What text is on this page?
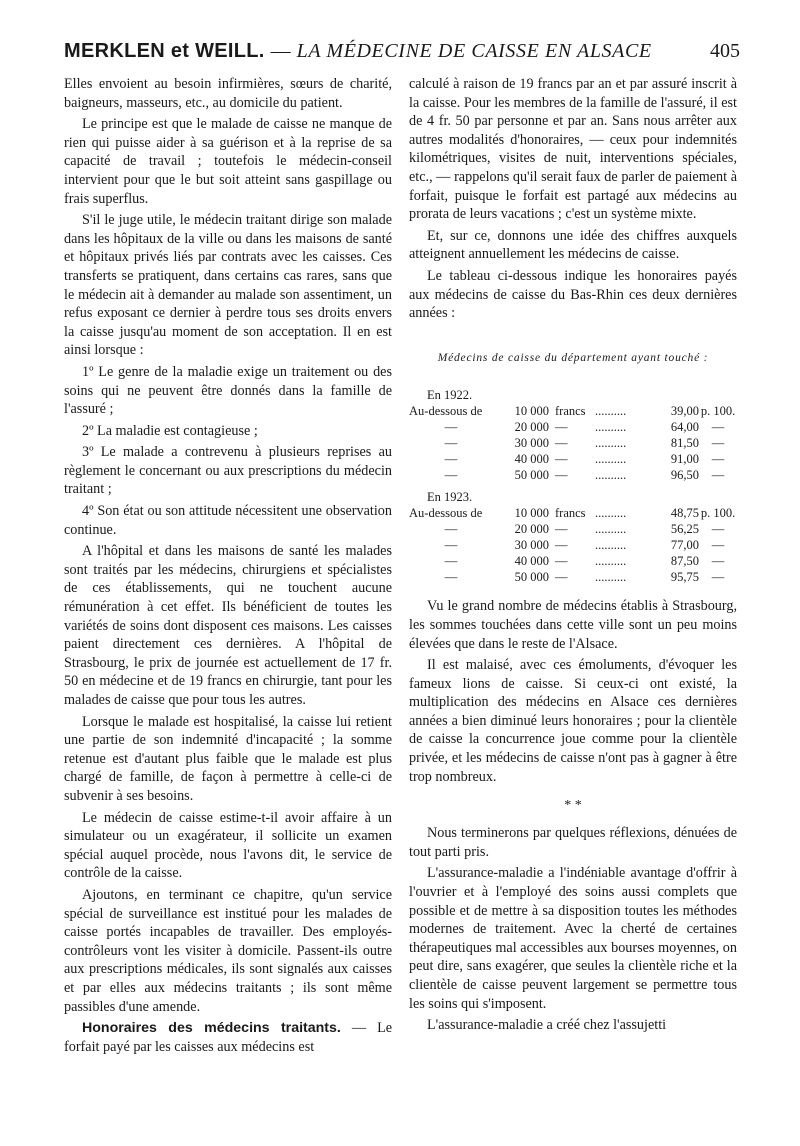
MERKLEN et WEILL. — LA MÉDECINE DE CAISSE EN ALSACE	405

Elles envoient au besoin infirmières, sœurs de charité, baigneurs, masseurs, etc., au domicile du patient.

Le principe est que le malade de caisse ne manque de rien qui puisse aider à sa guérison et à la reprise de sa capacité de travail ; toutefois le médecin-conseil intervient pour que le but soit atteint sans gaspillage ou frais superflus.

S'il le juge utile, le médecin traitant dirige son malade dans les hôpitaux de la ville ou dans les maisons de santé et hôpitaux privés liés par contrats avec les caisses. Ces transferts se pratiquent, dans certains cas rares, sans que le médecin ait à demander au malade son assentiment, un refus exposant ce dernier à perdre tous ses droits envers la caisse jusqu'au moment de son acceptation. Il en est ainsi lorsque :

1º Le genre de la maladie exige un traitement ou des soins qui ne peuvent être donnés dans la famille de l'assuré ;

2º La maladie est contagieuse ;

3º Le malade a contrevenu à plusieurs reprises au règlement le concernant ou aux prescriptions du médecin traitant ;

4º Son état ou son attitude nécessitent une observation continue.

A l'hôpital et dans les maisons de santé les malades sont traités par les médecins, chirurgiens et spécialistes de ces établissements, qui ne touchent aucune rémunération à cet effet. Ils bénéficient de toutes les variétés de soins dont disposent ces maisons. Les caisses paient directement ces dernières. A l'hôpital de Strasbourg, le prix de journée est actuellement de 17 fr. 50 en médecine et de 19 francs en chirurgie, tant pour les malades de caisse que pour tous les autres.

Lorsque le malade est hospitalisé, la caisse lui retient une partie de son indemnité d'incapacité ; la somme retenue est d'autant plus faible que le malade est plus chargé de famille, de façon à permettre à celle-ci de subvenir à ses besoins.

Le médecin de caisse estime-t-il avoir affaire à un simulateur ou un exagérateur, il sollicite un examen spécial auquel procède, nous l'avons dit, le service de contrôle de la caisse.

Ajoutons, en terminant ce chapitre, qu'un service spécial de surveillance est institué pour les malades de caisse portés incapables de travailler. Des employés-contrôleurs vont les visiter à domicile. Passent-ils outre aux prescriptions médicales, ils sont signalés aux caisses et par elles aux médecins traitants ; ils sont même passibles d'une amende.

Honoraires des médecins traitants. — Le forfait payé par les caisses aux médecins est

calculé à raison de 19 francs par an et par assuré inscrit à la caisse. Pour les membres de la famille de l'assuré, il est de 4 fr. 50 par personne et par an. Sans nous arrêter aux autres modalités d'honoraires, — ceux pour indemnités kilométriques, visites de nuit, interventions spéciales, etc., — rappelons qu'il serait faux de parler de paiement à forfait, puisque le forfait est partagé aux médecins au prorata de leurs vacations ; c'est un système mixte.

Et, sur ce, donnons une idée des chiffres auxquels atteignent annuellement les médecins de caisse.

Le tableau ci-dessous indique les honoraires payés aux médecins de caisse du Bas-Rhin ces deux dernières années :

Médecins de caisse du département ayant touché :
En 1922.					
Au-dessous de	10 000	francs	..........	39,00	p. 100.
—	20 000	—	..........	64,00	—
—	30 000	—	..........	81,50	—
—	40 000	—	..........	91,00	—
—	50 000	—	..........	96,50	—
En 1923.					
Au-dessous de	10 000	francs	..........	48,75	p. 100.
—	20 000	—	..........	56,25	—
—	30 000	—	..........	77,00	—
—	40 000	—	..........	87,50	—
—	50 000	—	..........	95,75	—

Vu le grand nombre de médecins établis à Strasbourg, les sommes touchées dans cette ville sont un peu moins élevées que dans le reste de l'Alsace.

Il est malaisé, avec ces émoluments, d'évoquer les fameux lions de caisse. Si ceux-ci ont existé, la multiplication des médecins en Alsace ces dernières années a bien diminué leurs honoraires ; pour la clientèle de caisse la concurrence joue comme pour la clientèle privée, et les médecins de caisse n'ont pas à gagner à être trop nombreux.

* *

Nous terminerons par quelques réflexions, dénuées de tout parti pris.

L'assurance-maladie a l'indéniable avantage d'offrir à l'ouvrier et à l'employé des soins aussi complets que possible et de mettre à sa disposition toutes les méthodes modernes de traitement. Avec la cherté de certaines thérapeutiques mal accessibles aux bourses moyennes, on peut dire, sans exagérer, que seules la clientèle riche et la clientèle de caisse peuvent largement se permettre tous les soins qui s'imposent.

L'assurance-maladie a créé chez l'assujetti
